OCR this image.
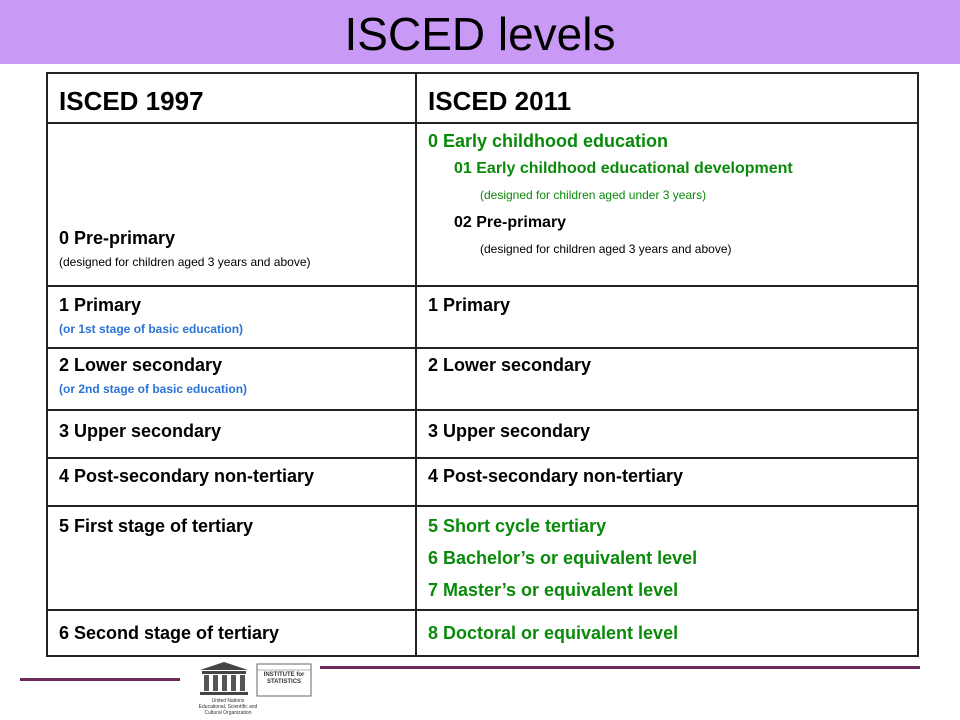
ISCED levels
ISCED 1997	ISCED 2011

0 Pre-primary
(designed for children aged 3 years and above)	0 Early childhood education
01 Early childhood educational development
(designed for children aged under 3 years)
02 Pre-primary
(designed for children aged 3 years and above)

1 Primary
(or 1st stage of basic education)	1 Primary

2 Lower secondary
(or 2nd stage of basic education)	2 Lower secondary

3 Upper secondary	3 Upper secondary

4 Post-secondary non-tertiary	4 Post-secondary non-tertiary

5 First stage of tertiary	5 Short cycle tertiary
6 Bachelor’s or equivalent level
7 Master’s or equivalent level

6 Second stage of tertiary	8 Doctoral or equivalent level
United Nations Educational, Scientific and Cultural Organization
INSTITUTE for STATISTICS
